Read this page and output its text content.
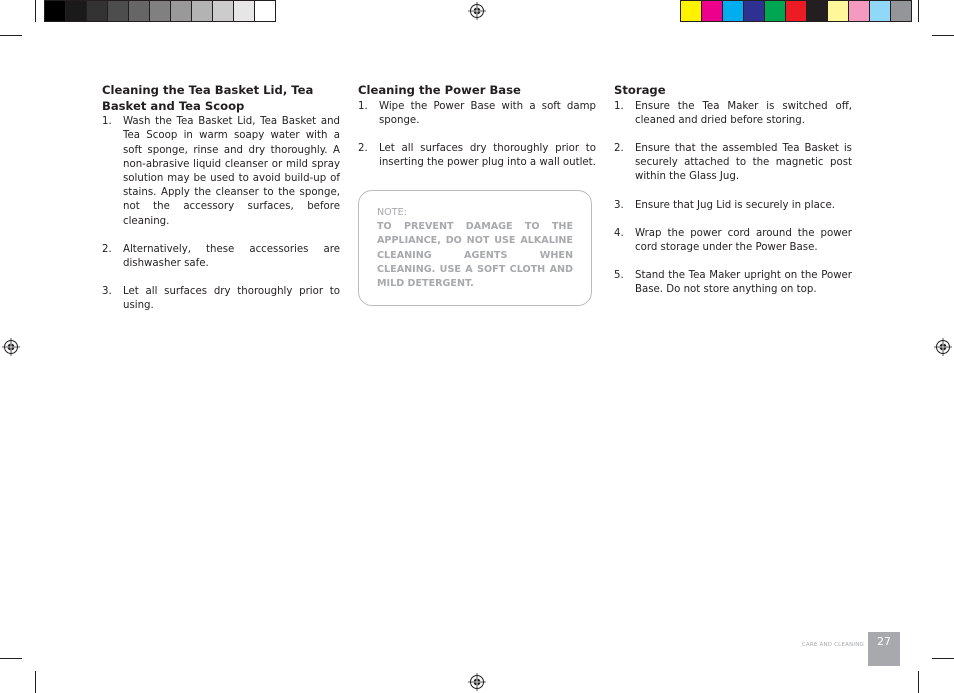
Cleaning the Tea Basket Lid, Tea Basket and Tea Scoop
1.	Wash the Tea Basket Lid, Tea Basket and Tea Scoop in warm soapy water with a soft sponge, rinse and dry thoroughly. A non-abrasive liquid cleanser or mild spray solution may be used to avoid build-up of stains. Apply the cleanser to the sponge, not the accessory surfaces, before cleaning.
2.	Alternatively, these accessories are dishwasher safe.
3.	Let all surfaces dry thoroughly prior to using.
Cleaning the Power Base
1.	Wipe the Power Base with a soft damp sponge.
2.	Let all surfaces dry thoroughly prior to inserting the power plug into a wall outlet.
NOTE:
TO PREVENT DAMAGE TO THE APPLIANCE, DO NOT USE ALKALINE CLEANING AGENTS WHEN CLEANING. USE A SOFT CLOTH AND MILD DETERGENT.
Storage
1.	Ensure the Tea Maker is switched off, cleaned and dried before storing.
2.	Ensure that the assembled Tea Basket is securely attached to the magnetic post within the Glass Jug.
3.	Ensure that Jug Lid is securely in place.
4.	Wrap the power cord around the power cord storage under the Power Base.
5.	Stand the Tea Maker upright on the Power Base. Do not store anything on top.
CARE AND CLEANING	27
